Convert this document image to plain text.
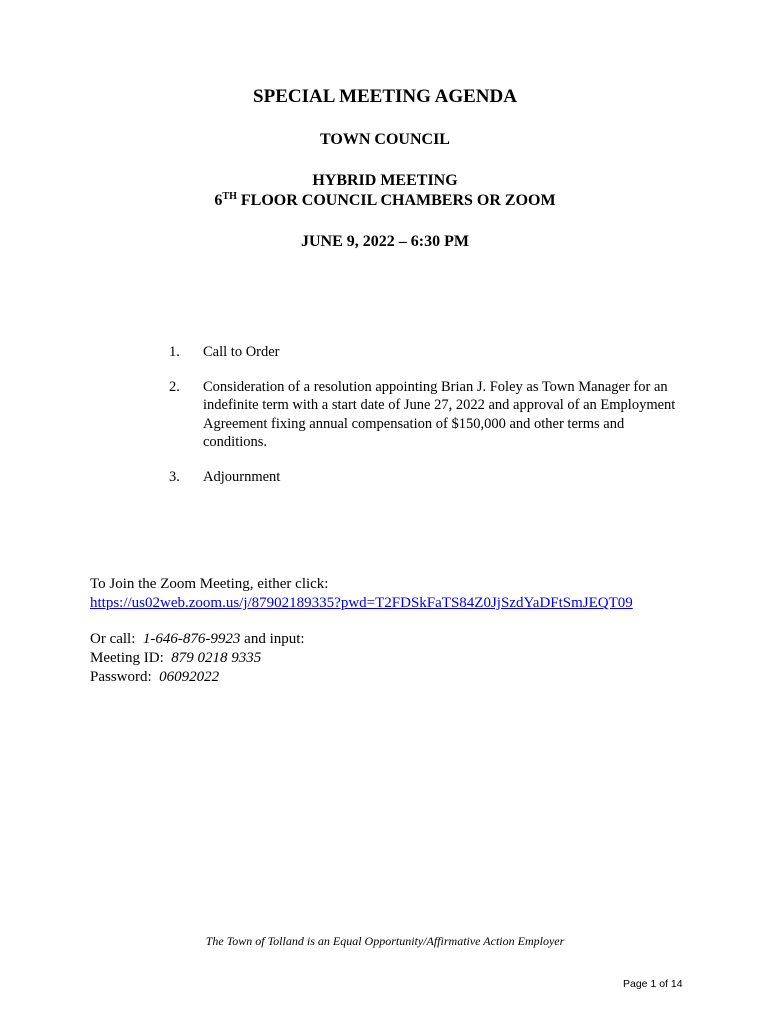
SPECIAL MEETING AGENDA
TOWN COUNCIL
HYBRID MEETING
6TH FLOOR COUNCIL CHAMBERS OR ZOOM
JUNE 9, 2022 – 6:30 PM
1.	Call to Order
2.	Consideration of a resolution appointing Brian J. Foley as Town Manager for an indefinite term with a start date of June 27, 2022 and approval of an Employment Agreement fixing annual compensation of $150,000 and other terms and conditions.
3.	Adjournment
To Join the Zoom Meeting, either click:
https://us02web.zoom.us/j/87902189335?pwd=T2FDSkFaTS84Z0JjSzdYaDFtSmJEQT09
Or call: 1-646-876-9923 and input:
Meeting ID: 879 0218 9335
Password: 06092022
The Town of Tolland is an Equal Opportunity/Affirmative Action Employer
Page 1 of 14
